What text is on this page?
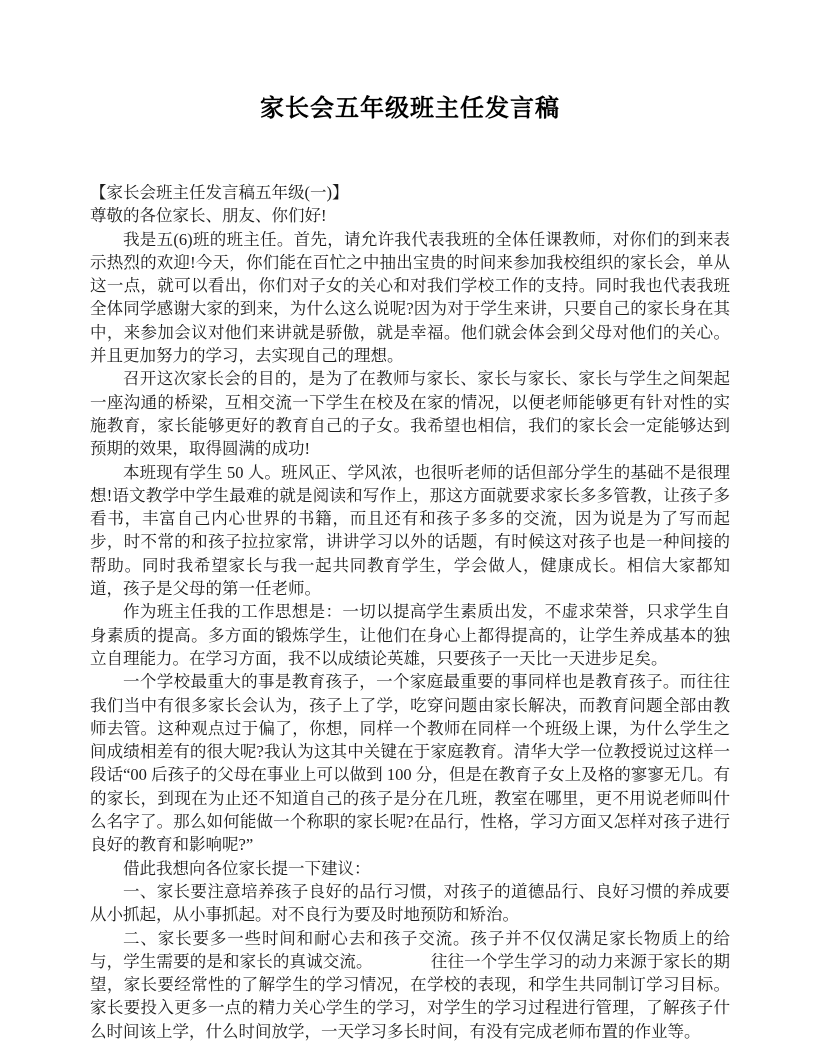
家长会五年级班主任发言稿

【家长会班主任发言稿五年级(一)】

尊敬的各位家长、朋友、你们好!

我是五(6)班的班主任。首先，请允许我代表我班的全体任课教师，对你们的到来表示热烈的欢迎!今天，你们能在百忙之中抽出宝贵的时间来参加我校组织的家长会，单从这一点，就可以看出，你们对子女的关心和对我们学校工作的支持。同时我也代表我班全体同学感谢大家的到来，为什么这么说呢?因为对于学生来讲，只要自己的家长身在其中，来参加会议对他们来讲就是骄傲，就是幸福。他们就会体会到父母对他们的关心。并且更加努力的学习，去实现自己的理想。

召开这次家长会的目的，是为了在教师与家长、家长与家长、家长与学生之间架起一座沟通的桥梁，互相交流一下学生在校及在家的情况，以便老师能够更有针对性的实施教育，家长能够更好的教育自己的子女。我希望也相信，我们的家长会一定能够达到预期的效果，取得圆满的成功!

本班现有学生 50 人。班风正、学风浓，也很听老师的话但部分学生的基础不是很理想!语文教学中学生最难的就是阅读和写作上，那这方面就要求家长多多管教，让孩子多看书，丰富自己内心世界的书籍，而且还有和孩子多多的交流，因为说是为了写而起步，时不常的和孩子拉拉家常，讲讲学习以外的话题，有时候这对孩子也是一种间接的帮助。同时我希望家长与我一起共同教育学生，学会做人，健康成长。相信大家都知道，孩子是父母的第一任老师。

作为班主任我的工作思想是：一切以提高学生素质出发，不虚求荣誉，只求学生自身素质的提高。多方面的锻炼学生，让他们在身心上都得提高的，让学生养成基本的独立自理能力。在学习方面，我不以成绩论英雄，只要孩子一天比一天进步足矣。

一个学校最重大的事是教育孩子，一个家庭最重要的事同样也是教育孩子。而往往我们当中有很多家长会认为，孩子上了学，吃穿问题由家长解决，而教育问题全部由教师去管。这种观点过于偏了，你想，同样一个教师在同样一个班级上课，为什么学生之间成绩相差有的很大呢?我认为这其中关键在于家庭教育。清华大学一位教授说过这样一段话“00 后孩子的父母在事业上可以做到 100 分，但是在教育子女上及格的寥寥无几。有的家长，到现在为止还不知道自己的孩子是分在几班，教室在哪里，更不用说老师叫什么名字了。那么如何能做一个称职的家长呢?在品行，性格，学习方面又怎样对孩子进行良好的教育和影响呢?”

借此我想向各位家长提一下建议：

一、家长要注意培养孩子良好的品行习惯，对孩子的道德品行、良好习惯的养成要从小抓起，从小事抓起。对不良行为要及时地预防和矫治。

二、家长要多一些时间和耐心去和孩子交流。孩子并不仅仅满足家长物质上的给与，学生需要的是和家长的真诚交流。　　　　往往一个学生学习的动力来源于家长的期望，家长要经常性的了解学生的学习情况，在学校的表现，和学生共同制订学习目标。家长要投入更多一点的精力关心学生的学习，对学生的学习过程进行管理，了解孩子什么时间该上学，什么时间放学，一天学习多长时间，有没有完成老师布置的作业等。
